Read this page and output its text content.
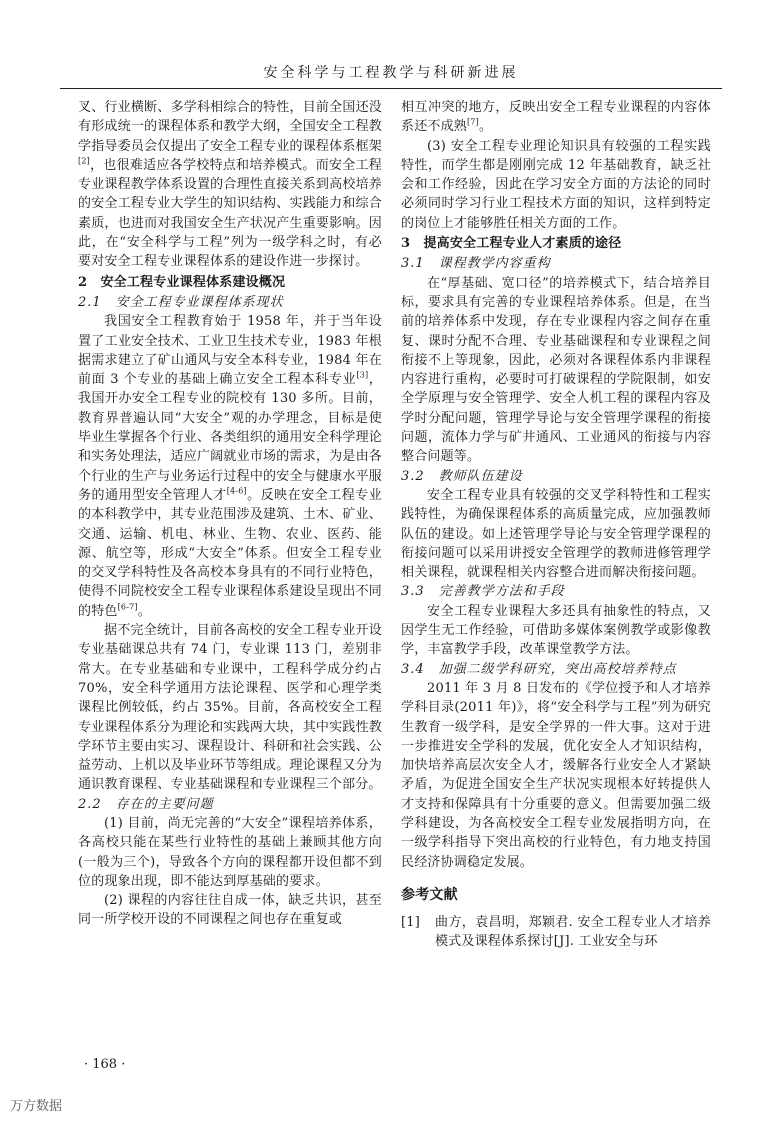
安全科学与工程教学与科研新进展

叉、行业横断、多学科相综合的特性，目前全国还没有形成统一的课程体系和教学大纲，全国安全工程教学指导委员会仅提出了安全工程专业的课程体系框架[2]，也很难适应各学校特点和培养模式。而安全工程专业课程教学体系设置的合理性直接关系到高校培养的安全工程专业大学生的知识结构、实践能力和综合素质，也进而对我国安全生产状况产生重要影响。因此，在“安全科学与工程”列为一级学科之时，有必要对安全工程专业课程体系的建设作进一步探讨。

2　安全工程专业课程体系建设概况

2.1　安全工程专业课程体系现状

我国安全工程教育始于 1958 年，并于当年设置了工业安全技术、工业卫生技术专业，1983 年根据需求建立了矿山通风与安全本科专业，1984 年在前面 3 个专业的基础上确立安全工程本科专业[3]，我国开办安全工程专业的院校有 130 多所。目前，教育界普遍认同“大安全”观的办学理念，目标是使毕业生掌握各个行业、各类组织的通用安全科学理论和实务处理法，适应广阔就业市场的需求，为是由各个行业的生产与业务运行过程中的安全与健康水平服务的通用型安全管理人才[4-6]。反映在安全工程专业的本科教学中，其专业范围涉及建筑、土木、矿业、交通、运输、机电、林业、生物、农业、医药、能源、航空等，形成“大安全”体系。但安全工程专业的交叉学科特性及各高校本身具有的不同行业特色，使得不同院校安全工程专业课程体系建设呈现出不同的特色[6-7]。

据不完全统计，目前各高校的安全工程专业开设专业基础课总共有 74 门，专业课 113 门，差别非常大。在专业基础和专业课中，工程科学成分约占 70%，安全科学通用方法论课程、医学和心理学类课程比例较低，约占 35%。目前，各高校安全工程专业课程体系分为理论和实践两大块，其中实践性教学环节主要由实习、课程设计、科研和社会实践、公益劳动、上机以及毕业环节等组成。理论课程又分为通识教育课程、专业基础课程和专业课程三个部分。

2.2　存在的主要问题

(1) 目前，尚无完善的“大安全”课程培养体系，各高校只能在某些行业特性的基础上兼顾其他方向(一般为三个)，导致各个方向的课程都开设但都不到位的现象出现，即不能达到厚基础的要求。

(2) 课程的内容往往自成一体，缺乏共识，甚至同一所学校开设的不同课程之间也存在重复或

相互冲突的地方，反映出安全工程专业课程的内容体系还不成熟[7]。

(3) 安全工程专业理论知识具有较强的工程实践特性，而学生都是刚刚完成 12 年基础教育，缺乏社会和工作经验，因此在学习安全方面的方法论的同时必须同时学习行业工程技术方面的知识，这样到特定的岗位上才能够胜任相关方面的工作。

3　提高安全工程专业人才素质的途径

3.1　课程教学内容重构

在“厚基础、宽口径”的培养模式下，结合培养目标，要求具有完善的专业课程培养体系。但是，在当前的培养体系中发现，存在专业课程内容之间存在重复、课时分配不合理、专业基础课程和专业课程之间衔接不上等现象，因此，必须对各课程体系内非课程内容进行重构，必要时可打破课程的学院限制，如安全学原理与安全管理学、安全人机工程的课程内容及学时分配问题，管理学导论与安全管理学课程的衔接问题，流体力学与矿井通风、工业通风的衔接与内容整合问题等。

3.2　教师队伍建设

安全工程专业具有较强的交叉学科特性和工程实践特性，为确保课程体系的高质量完成，应加强教师队伍的建设。如上述管理学导论与安全管理学课程的衔接问题可以采用讲授安全管理学的教师进修管理学相关课程，就课程相关内容整合进而解决衔接问题。

3.3　完善教学方法和手段

安全工程专业课程大多还具有抽象性的特点，又因学生无工作经验，可借助多媒体案例教学或影像教学，丰富教学手段，改革课堂教学方法。

3.4　加强二级学科研究，突出高校培养特点

2011 年 3 月 8 日发布的《学位授予和人才培养学科目录(2011 年)》，将“安全科学与工程”列为研究生教育一级学科，是安全学界的一件大事。这对于进一步推进安全学科的发展，优化安全人才知识结构，加快培养高层次安全人才，缓解各行业安全人才紧缺矛盾，为促进全国安全生产状况实现根本好转提供人才支持和保障具有十分重要的意义。但需要加强二级学科建设，为各高校安全工程专业发展指明方向，在一级学科指导下突出高校的行业特色，有力地支持国民经济协调稳定发展。

参考文献

[1]	曲方，袁昌明，郑颖君. 安全工程专业人才培养模式及课程体系探讨[J]. 工业安全与环
· 168 ·
万方数据
